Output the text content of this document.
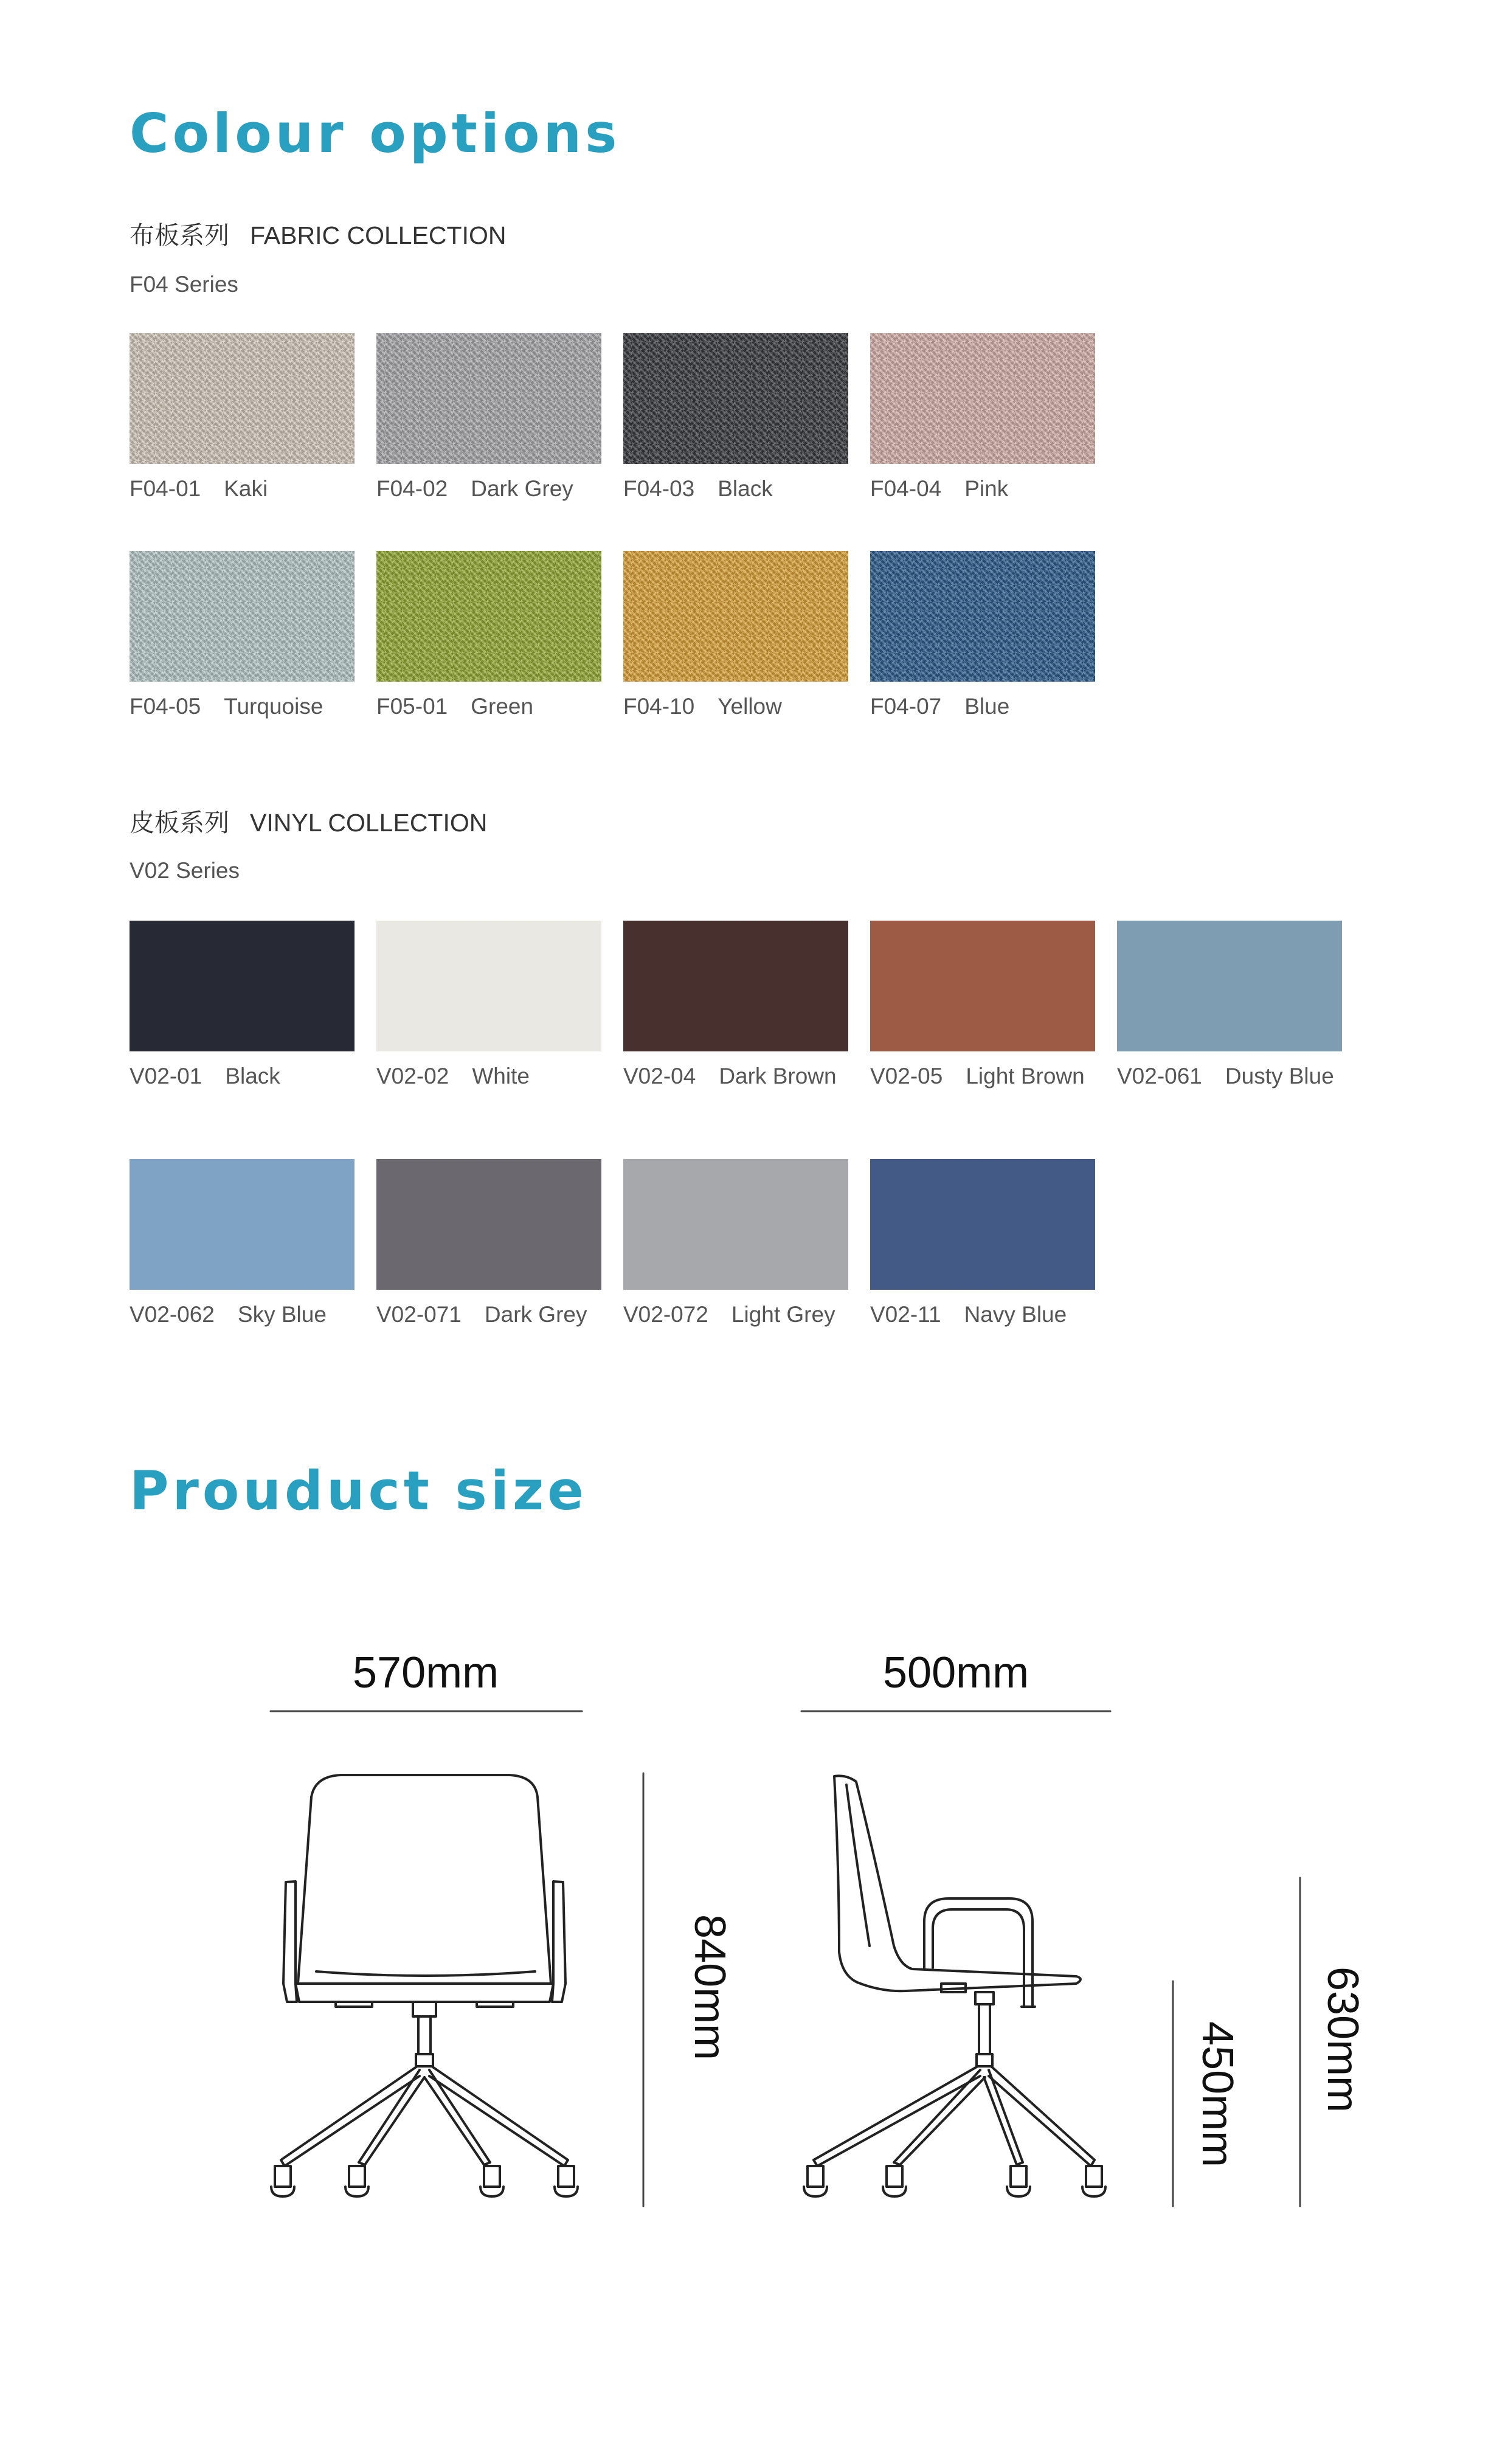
Colour options

布板系列 FABRIC COLLECTION

F04 Series

F04-01 Kaki	F04-02 Dark Grey	F04-03 Black	F04-04 Pink
F04-05 Turquoise	F05-01 Green	F04-10 Yellow	F04-07 Blue

皮板系列 VINYL COLLECTION

V02 Series

V02-01 Black	V02-02 White	V02-04 Dark Brown	V02-05 Light Brown	V02-061 Dusty Blue
V02-062 Sky Blue	V02-071 Dark Grey	V02-072 Light Grey	V02-11 Navy Blue
Prouduct size
570mm	500mm
840mm
450mm 630mm
